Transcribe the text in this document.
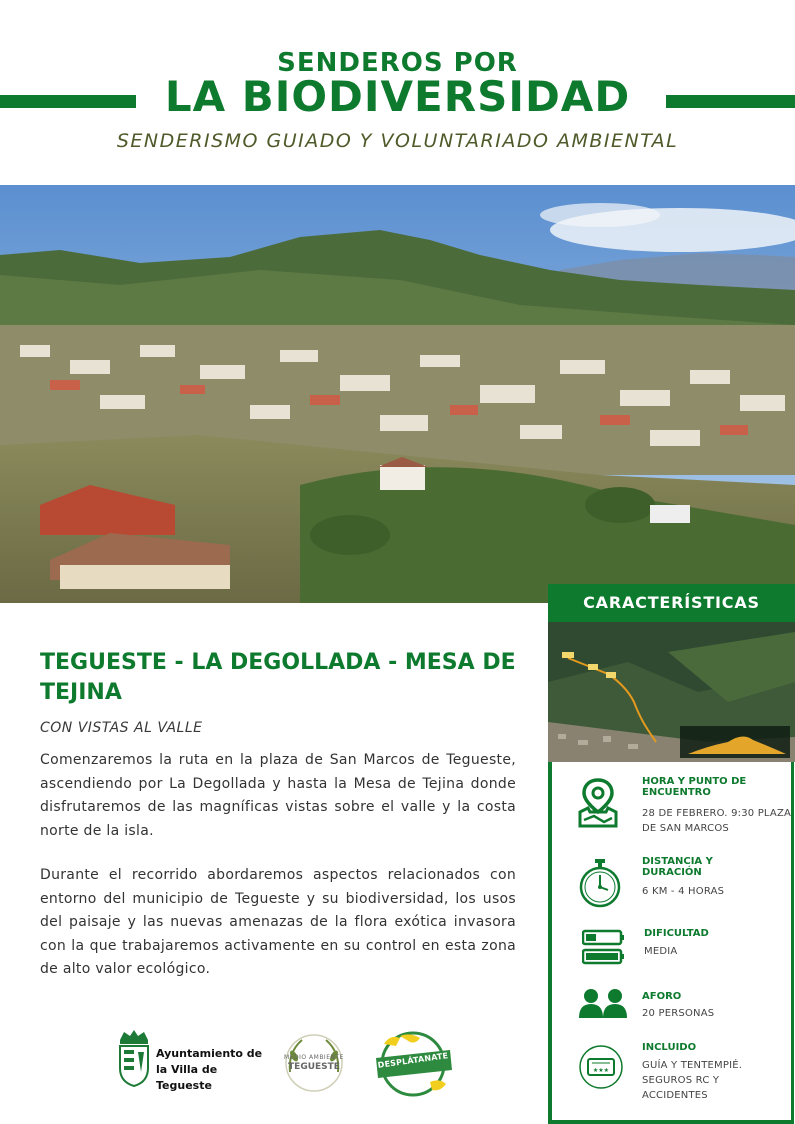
SENDEROS POR
LA BIODIVERSIDAD
SENDERISMO GUIADO Y VOLUNTARIADO AMBIENTAL
TEGUESTE - LA DEGOLLADA - MESA DE TEJINA
CON VISTAS AL VALLE

Comenzaremos la ruta en la plaza de San Marcos de Tegueste, ascendiendo por La Degollada y hasta la Mesa de Tejina donde disfrutaremos de las magníficas vistas sobre el valle y la costa norte de la isla.

Durante el recorrido abordaremos aspectos relacionados con entorno del municipio de Tegueste y su biodiversidad, los usos del paisaje y las nuevas amenazas de la flora exótica invasora con la que trabajaremos activamente en su control en esta zona de alto valor ecológico.

Ayuntamiento de
la Villa de Tegueste
MEDIO AMBIENTE
TEGUESTE	DESPLÁTANATE
CARACTERÍSTICAS
HORA Y PUNTO DE ENCUENTRO
28 DE FEBRERO. 9:30 PLAZA DE SAN MARCOS
DISTANCIA Y DURACIÓN
6 KM - 4 HORAS
DIFICULTAD
MEDIA
AFORO
20 PERSONAS
★★★
INCLUIDO
GUÍA Y TENTEMPIÉ. SEGUROS RC Y ACCIDENTES
